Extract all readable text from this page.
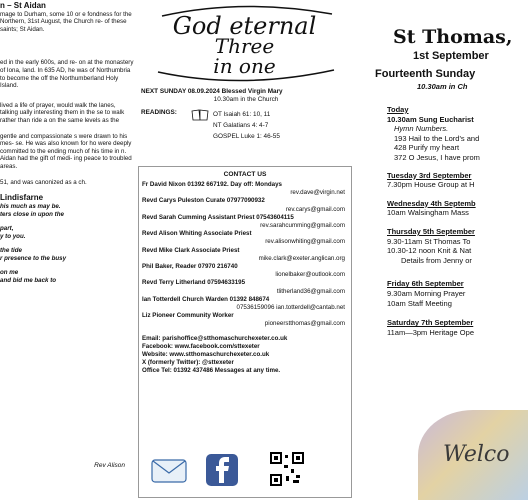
n – St Aidan

mage to Durham, some 10 or e fondness for the Northern, 31st August, the Church re- of these saints; St Aidan.

ed in the early 600s, and re- on at the monastery of Iona, land. In 635 AD, he was of Northumbria to become the off the Northumberland Holy Island.

lived a life of prayer, would walk the lanes, talking ually interesting them in the se to walk rather than ride a on the same levels as the

gentle and compassionate s were drawn to his mes- se. He was also known for ho were deeply committed to the ending much of his time in n. Aidan had the gift of medi- ing peace to troubled areas.

51, and was canonized as a ch.

Lindisfarne
his much as may be.
ters close in upon the
part,
y to you.
the tide
r presence to the busy
on me
and bid me back to
Rev Alison
God eternal
Three
in one
NEXT SUNDAY 08.09.2024 Blessed Virgin Mary
10.30am in the Church
READINGS:	OT Isaiah 61: 10, 11
NT Galatians 4: 4-7
GOSPEL Luke 1: 46-55
CONTACT US
Fr David Nixon 01392 667192. Day off: Mondays
rev.dave@virgin.net
Revd Carys Puleston Curate 07977090932
rev.carys@gmail.com
Revd Sarah Cumming Assistant Priest 07543604115
rev.sarahcumming@gmail.com
Revd Alison Whiting Associate Priest
rev.alisonwhiting@gmail.com
Revd Mike Clark Associate Priest
mike.clark@exeter.anglican.org
Phil Baker, Reader 07970 216740
lionelbaker@outlook.com
Revd Terry Litherland 07594633195
tlitherland36@gmail.com
Ian Totterdell Church Warden 01392 848674
07536159096 ian.totterdell@cantab.net
Liz Pioneer Community Worker
pioneerstthomas@gmail.com
Email: parishoffice@stthomaschurchexeter.co.uk
Facebook: www.facebook.com/sttexeter
Website: www.stthomaschurchexeter.co.uk
X (formerly Twitter): @sttexeter
Office Tel: 01392 437486 Messages at any time.
St Thomas,
1st September
Fourteenth Sunday
10.30am in Ch
Today
10.30am Sung Eucharist
Hymn Numbers.
193 Hail to the Lord's and
428 Purify my heart
372 O Jesus, I have prom
Tuesday 3rd September
7.30pm House Group at H
Wednesday 4th Septemb
10am Walsingham Mass
Thursday 5th September
9.30-11am St Thomas To
10.30-12 noon Knit & Nat
Details from Jenny or
Friday 6th September
9.30am Morning Prayer
10am Staff Meeting
Saturday 7th September
11am—3pm Heritage Ope
Welco
